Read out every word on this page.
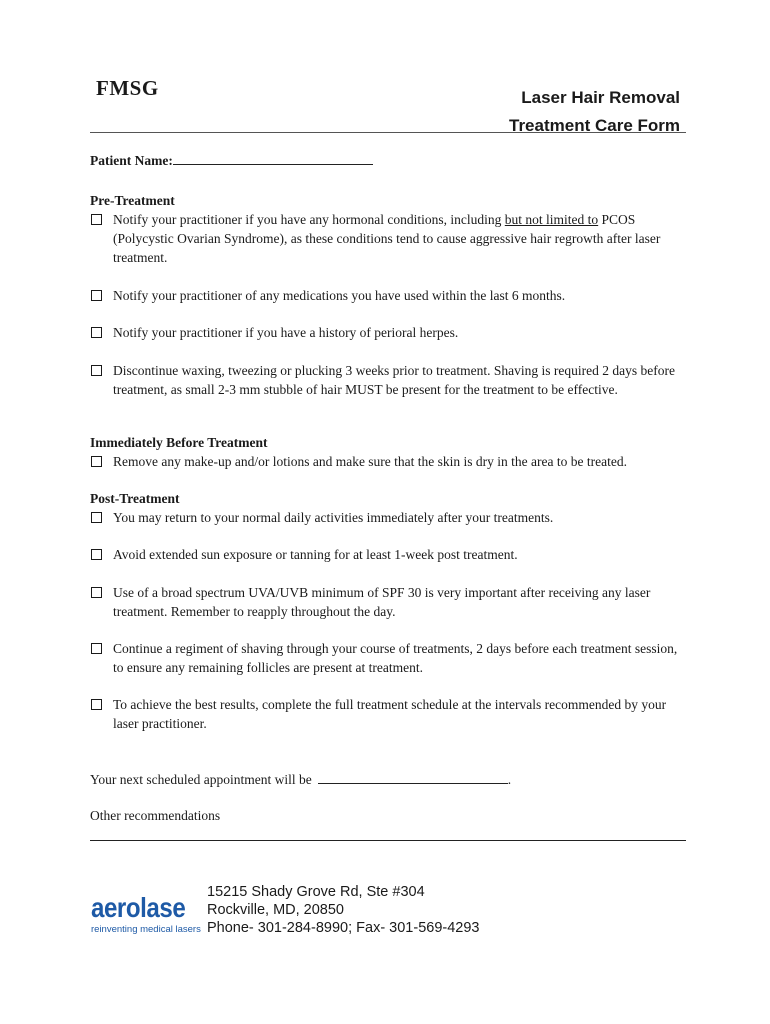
FMSG	Laser Hair Removal
Treatment Care Form
Patient Name:
Pre-Treatment
Notify your practitioner if you have any hormonal conditions, including but not limited to PCOS (Polycystic Ovarian Syndrome), as these conditions tend to cause aggressive hair regrowth after laser treatment.
Notify your practitioner of any medications you have used within the last 6 months.
Notify your practitioner if you have a history of perioral herpes.
Discontinue waxing, tweezing or plucking 3 weeks prior to treatment. Shaving is required 2 days before treatment, as small 2-3 mm stubble of hair MUST be present for the treatment to be effective.
Immediately Before Treatment
Remove any make-up and/or lotions and make sure that the skin is dry in the area to be treated.
Post-Treatment
You may return to your normal daily activities immediately after your treatments.
Avoid extended sun exposure or tanning for at least 1-week post treatment.
Use of a broad spectrum UVA/UVB minimum of SPF 30 is very important after receiving any laser treatment. Remember to reapply throughout the day.
Continue a regiment of shaving through your course of treatments, 2 days before each treatment session, to ensure any remaining follicles are present at treatment.
To achieve the best results, complete the full treatment schedule at the intervals recommended by your laser practitioner.
Your next scheduled appointment will be	.
Other recommendations
aerolase
reinventing medical lasers
15215 Shady Grove Rd, Ste #304
Rockville, MD, 20850
Phone- 301-284-8990; Fax- 301-569-4293
